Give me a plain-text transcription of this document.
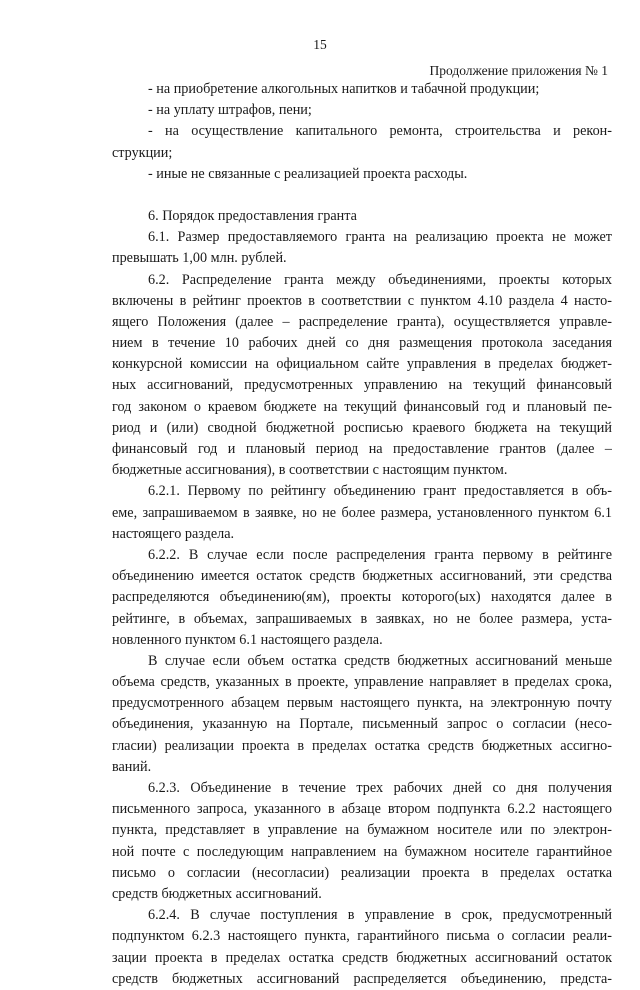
15
Продолжение приложения № 1
- на приобретение алкогольных напитков и табачной продукции;
- на уплату штрафов, пени;
- на осуществление капитального ремонта, строительства и рекон-
струкции;
- иные не связанные с реализацией проекта расходы.
6. Порядок предоставления гранта
6.1. Размер предоставляемого гранта на реализацию проекта не может
превышать 1,00 млн. рублей.
6.2. Распределение гранта между объединениями, проекты которых
включены в рейтинг проектов в соответствии с пунктом 4.10 раздела 4 насто-
ящего Положения (далее – распределение гранта), осуществляется управле-
нием в течение 10 рабочих дней со дня размещения протокола заседания
конкурсной комиссии на официальном сайте управления в пределах бюджет-
ных ассигнований, предусмотренных управлению на текущий финансовый
год законом о краевом бюджете на текущий финансовый год и плановый пе-
риод и (или) сводной бюджетной росписью краевого бюджета на текущий
финансовый год и плановый период на предоставление грантов (далее –
бюджетные ассигнования), в соответствии с настоящим пунктом.
6.2.1. Первому по рейтингу объединению грант предоставляется в объ-
еме, запрашиваемом в заявке, но не более размера, установленного пунктом 6.1
настоящего раздела.
6.2.2. В случае если после распределения гранта первому в рейтинге
объединению имеется остаток средств бюджетных ассигнований, эти средства
распределяются объединению(ям), проекты которого(ых) находятся далее в
рейтинге, в объемах, запрашиваемых в заявках, но не более размера, уста-
новленного пунктом 6.1 настоящего раздела.
В случае если объем остатка средств бюджетных ассигнований меньше
объема средств, указанных в проекте, управление направляет в пределах срока,
предусмотренного абзацем первым настоящего пункта, на электронную почту
объединения, указанную на Портале, письменный запрос о согласии (несо-
гласии) реализации проекта в пределах остатка средств бюджетных ассигно-
ваний.
6.2.3. Объединение в течение трех рабочих дней со дня получения
письменного запроса, указанного в абзаце втором подпункта 6.2.2 настоящего
пункта, представляет в управление на бумажном носителе или по электрон-
ной почте с последующим направлением на бумажном носителе гарантийное
письмо о согласии (несогласии) реализации проекта в пределах остатка
средств бюджетных ассигнований.
6.2.4. В случае поступления в управление в срок, предусмотренный
подпунктом 6.2.3 настоящего пункта, гарантийного письма о согласии реали-
зации проекта в пределах остатка средств бюджетных ассигнований остаток
средств бюджетных ассигнований распределяется объединению, предста-
